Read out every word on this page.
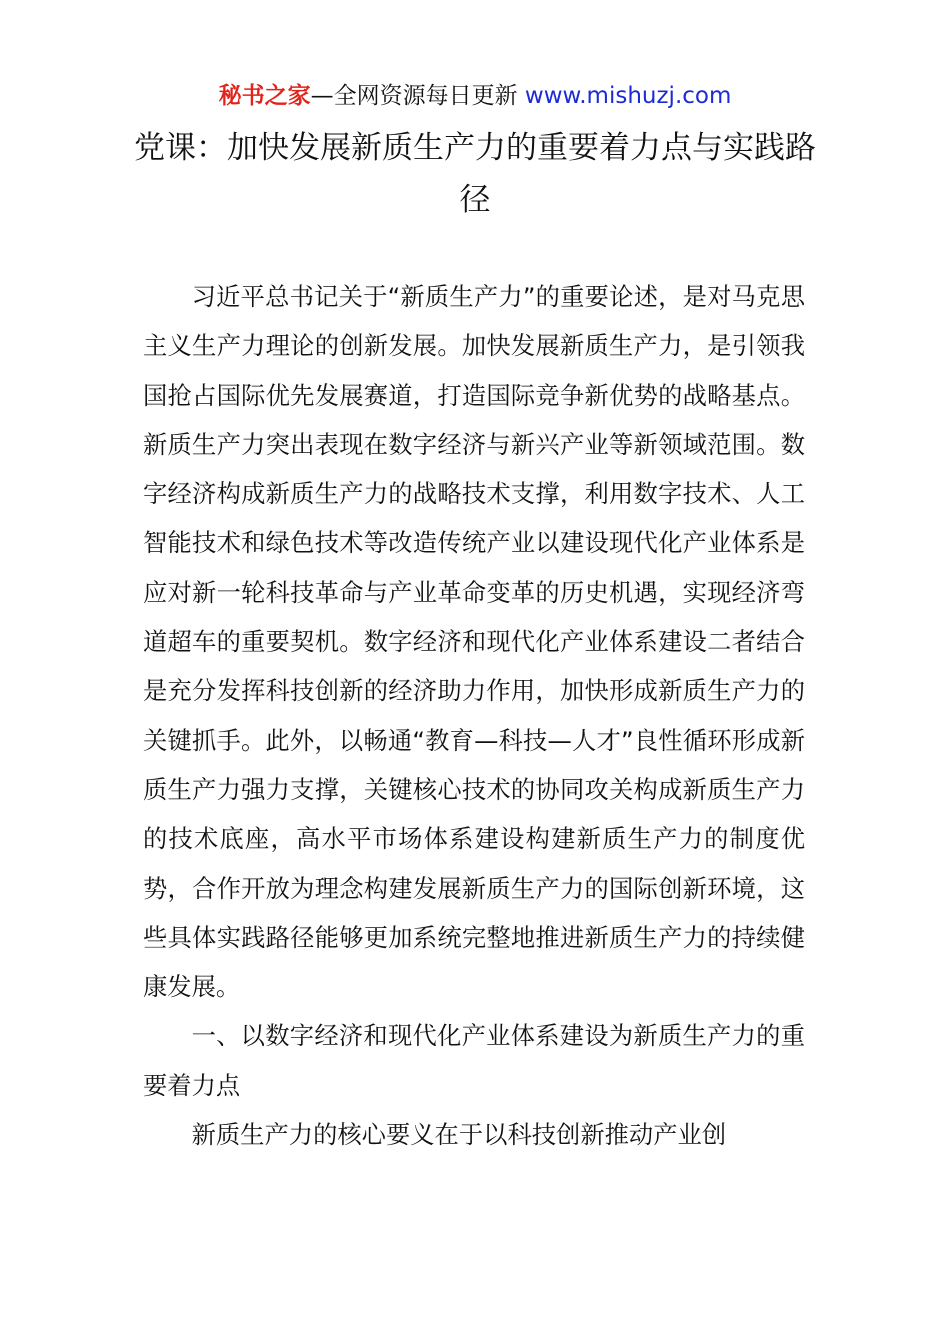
秘书之家—全网资源每日更新 www.mishuzj.com
党课：加快发展新质生产力的重要着力点与实践路径

习近平总书记关于“新质生产力”的重要论述，是对马克思主义生产力理论的创新发展。加快发展新质生产力，是引领我国抢占国际优先发展赛道，打造国际竞争新优势的战略基点。新质生产力突出表现在数字经济与新兴产业等新领域范围。数字经济构成新质生产力的战略技术支撑，利用数字技术、人工智能技术和绿色技术等改造传统产业以建设现代化产业体系是应对新一轮科技革命与产业革命变革的历史机遇，实现经济弯道超车的重要契机。数字经济和现代化产业体系建设二者结合是充分发挥科技创新的经济助力作用，加快形成新质生产力的关键抓手。此外，以畅通“教育—科技—人才”良性循环形成新质生产力强力支撑，关键核心技术的协同攻关构成新质生产力的技术底座，高水平市场体系建设构建新质生产力的制度优势，合作开放为理念构建发展新质生产力的国际创新环境，这些具体实践路径能够更加系统完整地推进新质生产力的持续健康发展。

一、以数字经济和现代化产业体系建设为新质生产力的重要着力点

新质生产力的核心要义在于以科技创新推动产业创
